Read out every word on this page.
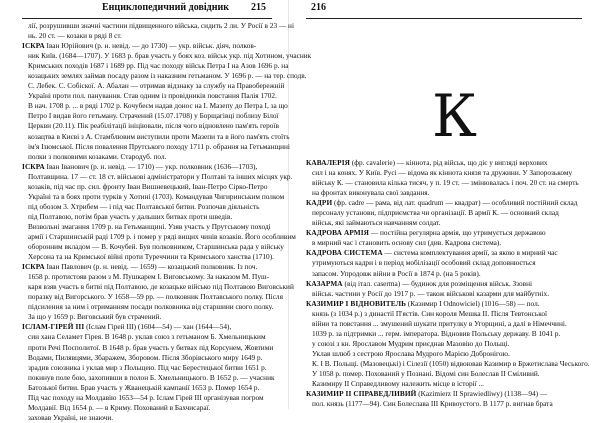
Енциклопедичний довідник 215	216
лії, розрушивши значні частини підвищенного війська, сидить 2 ли. У Росії в 23 — ні
нь. 20 ст. — козаки в ряді 8 ст.
ІСКРА Іван Юрійович (р. н. невід. — до 1730) — укр. військ. діяч, полков-
ник Київ. (1684—1707). У 1683 р. брав участь у боях коз. військ укр. під Хотином, учасник
Кримських походів 1687 і 1689 рр. Під час походу військ Петра І на Азов 1696 р. на
козацьких землях займав посаду разом із наказним гетьманом. У 1696 р. — на тер. сподв.
С. Лебек. С. Собіскої. А. Абалан — отримав відзнаку за службу на Правобережній
Україні проти пол. панування. Став одним із провідників повстання Палія 1702.
В нач. 1708 р. ... в ряді 1702 р. Кочубеєм надав донос на І. Мазепу до Петра І, за що
Петро І видав його гетьману. Страчений (15.07.1708) у Борщагівці поблизу Білої
Церкви (20.11). Пік реабілітації ініціювали, після чого відновлено пам'ять героїв
козацтва в Києві з А. Стамблювим виступили проти Мазепи та в його пам'ять стоїть
ім'я Ізюмської. Після повалення Прутського походу 1711 р. обрання на Гетьманщині
полки з полковими козаками. Стародуб. пол.
ІСКРА Іван Іванович (р. н. невід. — 1710) — укр. полковник (1636—1703),
Полтавщина. 17 — ст. 18 ст. військові адміністратори у Полтаві та інших місцях укр.
козаків, під час пр. сил. фронту Іван Вишневецький, Іван-Петро Сірко-Петро
Україні та в боях проти турків у Хотині (1703). Командував Чигиринським полком
під обозом 3. Хтрибем — і під час Полтавської битви. Розпочав діяльність
під Полтавою, потім брав участь у дальших битвах проти шведів.
Визвольні змагання 1709 р. на Гетьманщині. Узяв участь у Прутському поході
армії і Старшинській раді 1709 р. і помер у ряді вищих чинів козаків. Його особливим
оборонним вкладом — В. Кочубей. Був полковником, Старшинська рада у війську
Херсона та на Кримської війні проти Туреччини та Кримського ханства (1710).
ІСКРА Іван Павлович (р. н. невід. — 1659) — козацький полковник. Із поч.
1658 р. протистояв разом з М. Пушкарем І. Виговському. За наказом М. Пуш-
каря взяв участь в битві під Полтавою, де козацьке військо під Полтавою Виговський
поразку від Вигорського. У 1658—59 рр. — полковник Полтавського полку. Після
підсилення за ним і отриманням посади полковника від старшини свого полку.
За що у 1659 р. Виговський був страчений.
ІСЛАМ-ГІРЕЙ ІІІ (Іслам Гірей III) (1604—54) — хан (1644—54),
син хана Селамет Гірея. В 1648 р. уклав союз з гетьманом Б. Хмельницьким
проти Речі Посполитої. В 1648 р. брав участь у битвах під Корсунем, Жовтими
Водами, Пилявцями, Збаражем, Зборовом. Після Зборівського миру 1649 р.
зрадив союзника і уклав мир з Польщею. Під час Берестецької битви 1651 р.
покинув поле бою, захопивши в полон Б. Хмельницького. В 1652 р. — учасник
Батозької битви. Брав участь у Жванецькій кампанії 1653 р. Помер 1654 р.
Під час походу на Молдавію 1653—54 р. Іслам Гірей ІІІ організував погром
Молдавії. Від 1654 р. — в Криму. Похований в Бахчисараї.
заховав Україні, не знаючи.
К
КАВАЛЕРІЯ (фр. cavalerie) — кіннота, рід військ, що діє у вигляді верхових
сил і на конях. У Київ. Русі — відома як кіннота князя та дружини. У Запорозькому
війську К. — становила кілька тисяч, у п. 19 ст. — змінювалась і поч. 20 ст. на смерть
на фронтах виконувала свої завдання.
КАДРИ (фр. cadre — рама, від лат. quadrum — квадрат) — особливий постійний склад
персоналу установи, підприємства чи організації. В армії К. — основний склад
військ, які займаються навчанням солдат.
КАДРОВА АРМІЯ — постійна регулярна армія, що утримується державою
в мирний час і становить основу сил (див. Кадрова система).
КАДРОВА СИСТЕМА — система комплектування армії, за якою в мирний час
утримуються кадри і в період мобілізації особовий склад доповнюється
запасом. Упродовж війни в Росії в 1874 р. (на 5 років).
КАЗАРМА (від італ. caserma) — будинок для розміщення військ. Ззовні
військ. частини у Росії до 1917 р. — також військові казарми для майбутніх.
КАЗИМИР І ВІДНОВИТЕЛЬ (Казимир І Odnowiciel) (1016—58) — пол.
князь (з 1034 р.) з династії П'ястів. Син короля Мешка ІІ. Після Тевтонської
війни та повстання ... змушений шукати притулку в Угорщині, а далі в Німеччині.
1039 р. за підтримки ... герм. імператора. Відновив Польську державу. В 1041 р.
у союзі з кн. Ярославом Мудрим приєднав Мазовію до Польщі.
Уклав шлюб з сестрою Ярослава Мудрого Марією Добронігою.
К. І В. Польщі. (Мазовецькі) і Сілезії (1050) відвоював Казимир в Бржетислава Чеського.
У 1058 р. помер. Похований у Познані. Відомі син Болеслав ІІ Сміливий.
Казимиру ІІ Справедливому належить місце в історії ...
КАЗИМИР ІІ СПРАВЕДЛИВИЙ (Kazimierz II Sprawiedliwy) (1138—94) —
пол. князь (1177—94). Син Болеслава ІІІ Кривоустого. В 1177 р. вигнав брата
